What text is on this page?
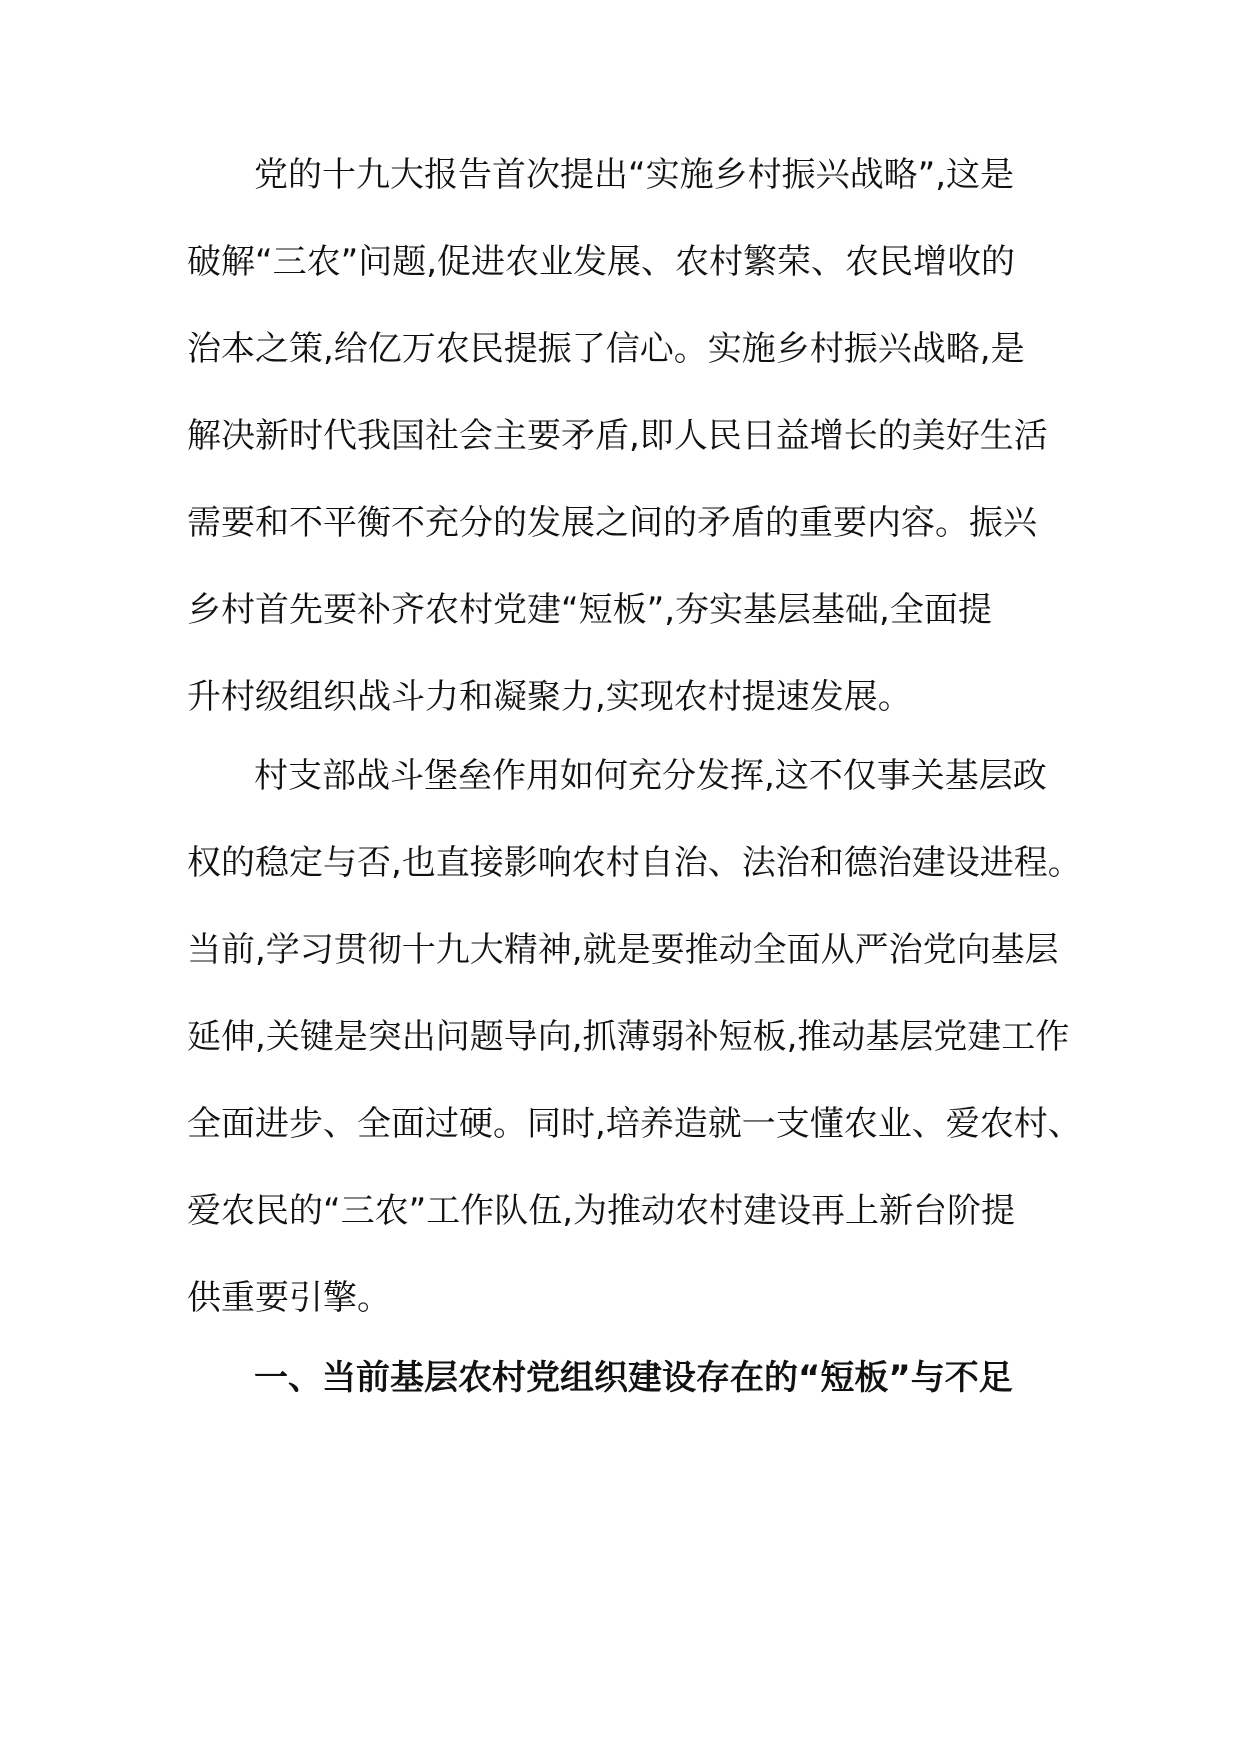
党的十九大报告首次提出“实施乡村振兴战略”,这是
破解“三农”问题,促进农业发展、农村繁荣、农民增收的
治本之策,给亿万农民提振了信心。实施乡村振兴战略,是
解决新时代我国社会主要矛盾,即人民日益增长的美好生活
需要和不平衡不充分的发展之间的矛盾的重要内容。振兴
乡村首先要补齐农村党建“短板”,夯实基层基础,全面提
升村级组织战斗力和凝聚力,实现农村提速发展。
村支部战斗堡垒作用如何充分发挥,这不仅事关基层政
权的稳定与否,也直接影响农村自治、法治和德治建设进程。
当前,学习贯彻十九大精神,就是要推动全面从严治党向基层
延伸,关键是突出问题导向,抓薄弱补短板,推动基层党建工作
全面进步、全面过硬。同时,培养造就一支懂农业、爱农村、
爱农民的“三农”工作队伍,为推动农村建设再上新台阶提
供重要引擎。
一、当前基层农村党组织建设存在的“短板”与不足
